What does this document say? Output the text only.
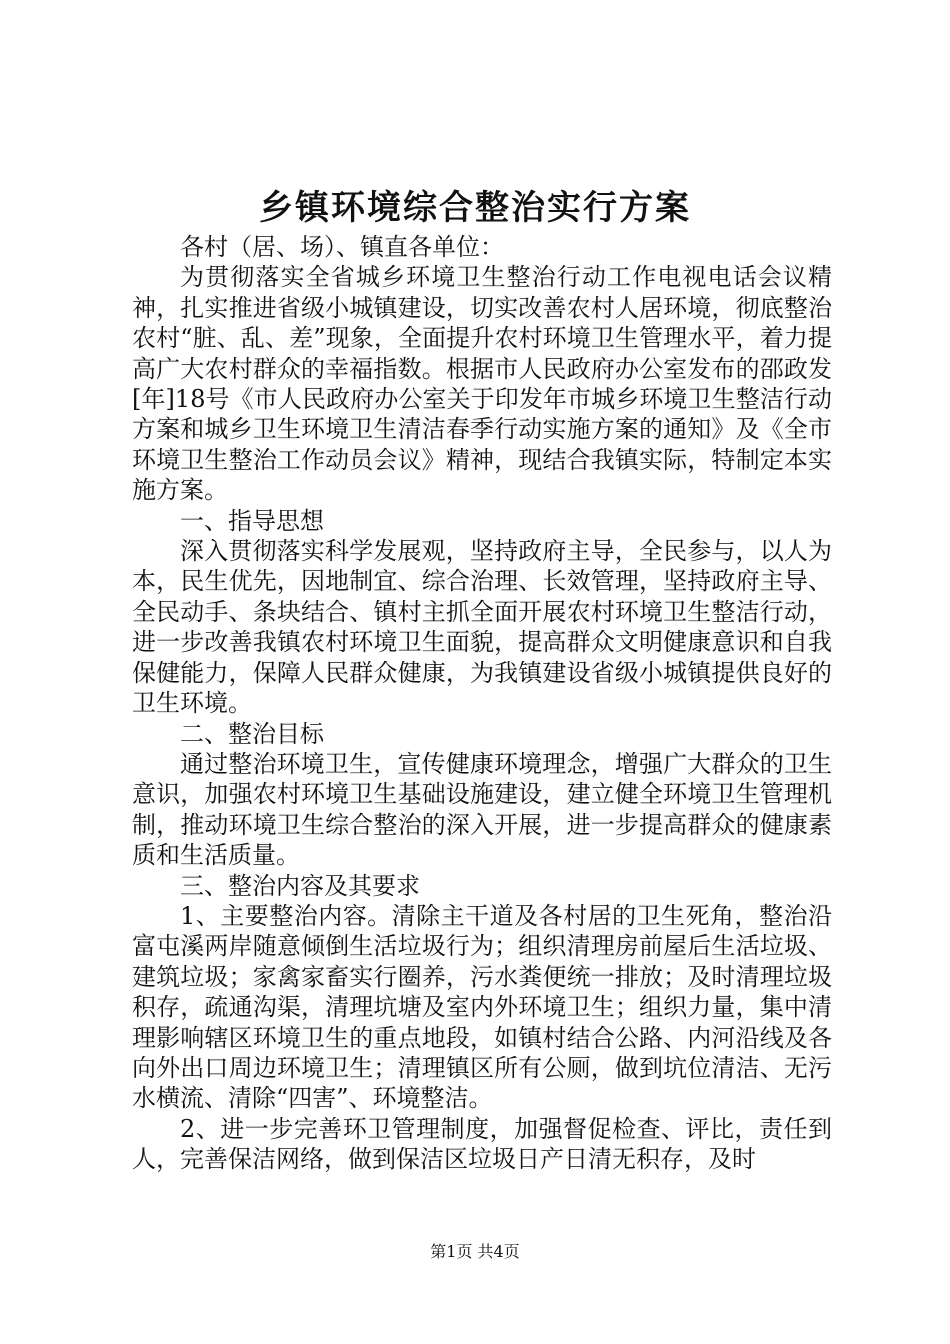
乡镇环境综合整治实行方案

各村（居、场）、镇直各单位：

为贯彻落实全省城乡环境卫生整治行动工作电视电话会议精神，扎实推进省级小城镇建设，切实改善农村人居环境，彻底整治农村“脏、乱、差”现象，全面提升农村环境卫生管理水平，着力提高广大农村群众的幸福指数。根据市人民政府办公室发布的邵政发[年]18号《市人民政府办公室关于印发年市城乡环境卫生整洁行动方案和城乡卫生环境卫生清洁春季行动实施方案的通知》及《全市环境卫生整治工作动员会议》精神，现结合我镇实际，特制定本实施方案。

一、指导思想

深入贯彻落实科学发展观，坚持政府主导，全民参与，以人为本，民生优先，因地制宜、综合治理、长效管理，坚持政府主导、全民动手、条块结合、镇村主抓全面开展农村环境卫生整洁行动，进一步改善我镇农村环境卫生面貌，提高群众文明健康意识和自我保健能力，保障人民群众健康，为我镇建设省级小城镇提供良好的卫生环境。

二、整治目标

通过整治环境卫生，宣传健康环境理念，增强广大群众的卫生意识，加强农村环境卫生基础设施建设，建立健全环境卫生管理机制，推动环境卫生综合整治的深入开展，进一步提高群众的健康素质和生活质量。

三、整治内容及其要求

1、主要整治内容。清除主干道及各村居的卫生死角，整治沿富屯溪两岸随意倾倒生活垃圾行为；组织清理房前屋后生活垃圾、建筑垃圾；家禽家畜实行圈养，污水粪便统一排放；及时清理垃圾积存，疏通沟渠，清理坑塘及室内外环境卫生；组织力量，集中清理影响辖区环境卫生的重点地段，如镇村结合公路、内河沿线及各向外出口周边环境卫生；清理镇区所有公厕，做到坑位清洁、无污水横流、清除“四害”、环境整洁。

2、进一步完善环卫管理制度，加强督促检查、评比，责任到人，完善保洁网络，做到保洁区垃圾日产日清无积存，及时

第1页 共4页
